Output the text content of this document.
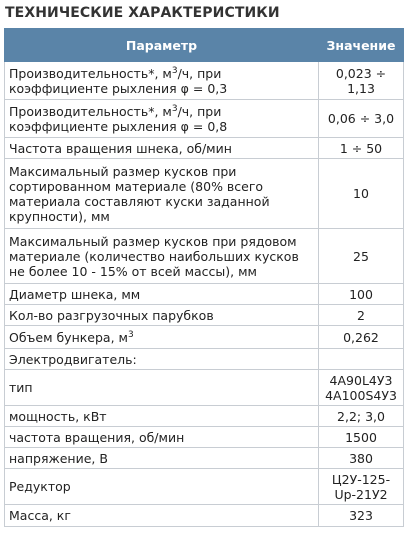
ТЕХНИЧЕСКИЕ ХАРАКТЕРИСТИКИ
Параметр	Значение
Производительность*, $м^3/ч$, при коэффициенте рыхления φ = 0,3	0,023 ÷ 1,13
Производительность*, $м^3/ч$, при коэффициенте рыхления φ = 0,8	0,06 ÷ 3,0
Частота вращения шнека, об/мин	1 ÷ 50
Максимальный размер кусков при сортированном материале (80% всего материала составляют куски заданной крупности), мм	10
Максимальный размер кусков при рядовом материале (количество наибольших кусков не более 10 - 15% от всей массы), мм	25
Диаметр шнека, мм	100
Кол-во разгрузочных парубков	2
Объем бункера, $м^3$	0,262
Электродвигатель:	
тип	4А90L4У3
4А100S4У3
мощность, кВт	2,2; 3,0
частота вращения, об/мин	1500
напряжение, В	380
Редуктор	Ц2У-125-
Up-21У2
Масса, кг	323
